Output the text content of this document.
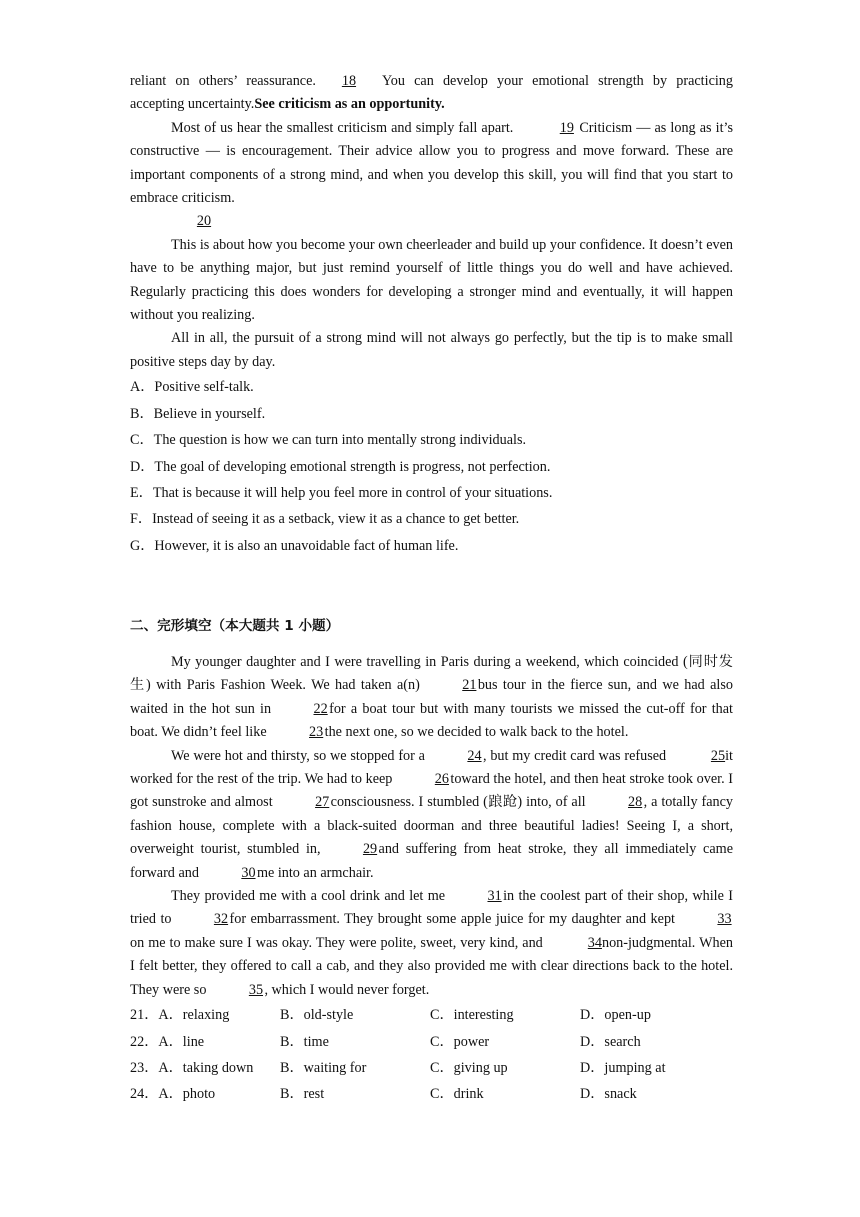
reliant on others’ reassurance. 18 You can develop your emotional strength by practicing accepting uncertainty.See criticism as an opportunity.

Most of us hear the smallest criticism and simply fall apart.	19 Criticism — as long as it’s constructive — is encouragement. Their advice allow you to progress and move forward. These are important components of a strong mind, and when you develop this skill, you will find that you start to embrace criticism.

20

This is about how you become your own cheerleader and build up your confidence. It doesn’t even have to be anything major, but just remind yourself of little things you do well and have achieved. Regularly practicing this does wonders for developing a stronger mind and eventually, it will happen without you realizing.

All in all, the pursuit of a strong mind will not always go perfectly, but the tip is to make small positive steps day by day.

A．Positive self-talk.
B．Believe in yourself.
C．The question is how we can turn into mentally strong individuals.
D．The goal of developing emotional strength is progress, not perfection.
E．That is because it will help you feel more in control of your situations.
F．Instead of seeing it as a setback, view it as a chance to get better.
G．However, it is also an unavoidable fact of human life.
二、完形填空（本大题共 1 小题）

My younger daughter and I were travelling in Paris during a weekend, which coincided (同时发生) with Paris Fashion Week. We had taken a(n)	21bus tour in the fierce sun, and we had also waited in the hot sun in	22for a boat tour but with many tourists we missed the cut-off for that boat. We didn’t feel like	23the next one, so we decided to walk back to the hotel.

We were hot and thirsty, so we stopped for a	24, but my credit card was refused	25it worked for the rest of the trip. We had to keep	26toward the hotel, and then heat stroke took over. I got sunstroke and almost	27consciousness. I stumbled (踉跄) into, of all	28, a totally fancy fashion house, complete with a black-suited doorman and three beautiful ladies! Seeing I, a short, overweight tourist, stumbled in,	29and suffering from heat stroke, they all immediately came forward and	30me into an armchair.

They provided me with a cool drink and let me	31in the coolest part of their shop, while I tried to	32for embarrassment. They brought some apple juice for my daughter and kept	33on me to make sure I was okay. They were polite, sweet, very kind, and	34non-judgmental. When I felt better, they offered to call a cab, and they also provided me with clear directions back to the hotel. They were so	35, which I would never forget.

21．A．relaxing	B．old-style	C．interesting	D．open-up
22．A．line	B．time	C．power	D．search
23．A．taking down	B．waiting for	C．giving up	D．jumping at
24．A．photo	B．rest	C．drink	D．snack
